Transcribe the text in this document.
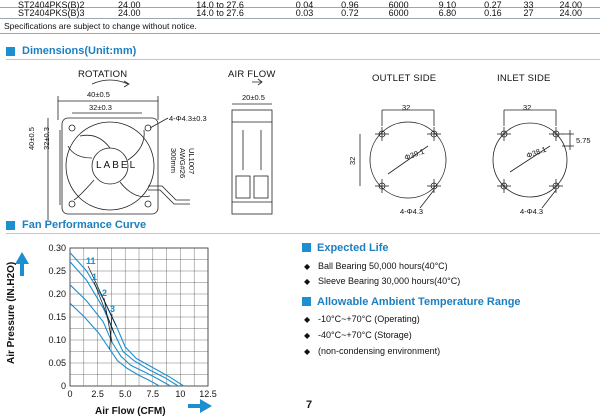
ST2404PKS(B)2	24.00	14.0 to 27.6	0.04	0.96	6000	9.10	0.27	33	24.00
ST2404PKS(B)3	24.00	14.0 to 27.6	0.03	0.72	6000	6.80	0.16	27	24.00
Specifications are subject to change without notice.
Dimensions(Unit:mm)
ROTATION
40±0.5
32±0.3
4-Φ4.3±0.3
40±0.5 32±0.3
LABEL	UL1007
AWG#26
300mm
AIR FLOW
20±0.5
OUTLET SIDE
32
32	Φ39.1
4-Φ4.3
INLET SIDE
32
Φ38.1
5.75
4-Φ4.3
Fan Performance Curve
0
0.05
0.10
0.15
0.20
0.25
0.30
0 2.5 5.0 7.5 10 12.5
11
1
2
3
Air Pressure (IN.H2O)
Air Flow (CFM)
Expected Life
◆ Ball Bearing 50,000 hours(40°C)
◆ Sleeve Bearing 30,000 hours(40°C)
Allowable Ambient Temperature Range
◆ -10°C~+70°C (Operating)
◆ -40°C~+70°C (Storage)
◆ (non-condensing environment)
7
